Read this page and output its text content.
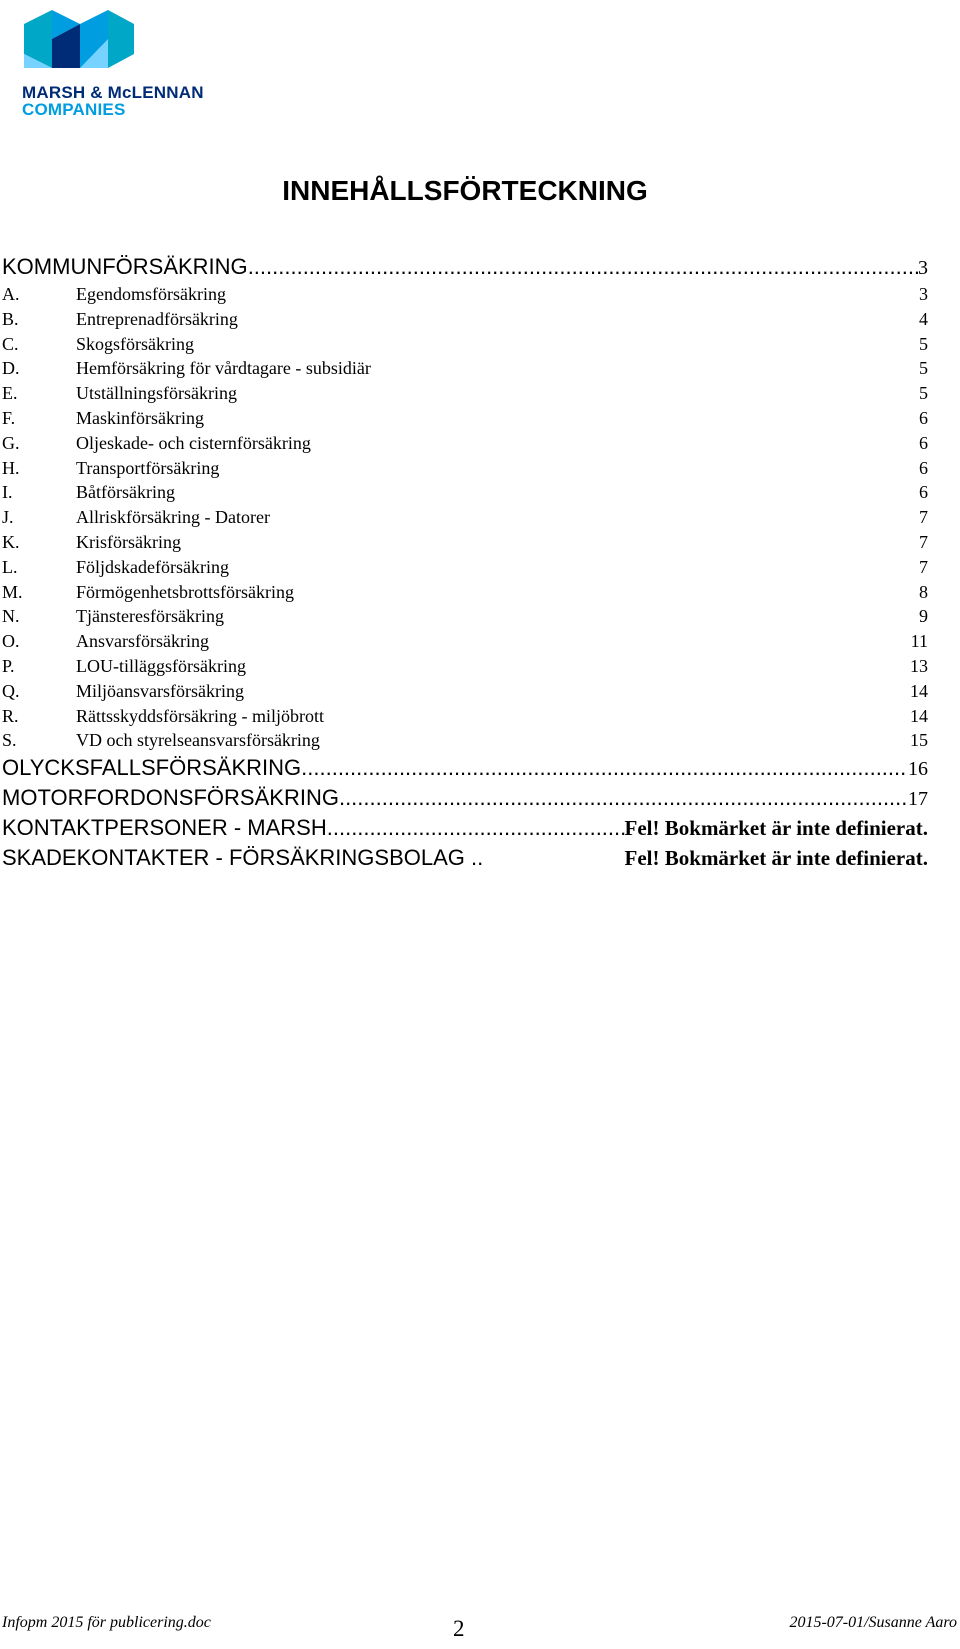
MARSH & McLENNAN
COMPANIES
INNEHÅLLSFÖRTECKNING
KOMMUNFÖRSÄKRING .....	3
A.	Egendomsförsäkring	3
B.	Entreprenadförsäkring	4
C.	Skogsförsäkring	5
D.	Hemförsäkring för vårdtagare - subsidiär	5
E.	Utställningsförsäkring	5
F.	Maskinförsäkring	6
G.	Oljeskade- och cisternförsäkring	6
H.	Transportförsäkring	6
I.	Båtförsäkring	6
J.	Allriskförsäkring - Datorer	7
K.	Krisförsäkring	7
L.	Följdskadeförsäkring	7
M.	Förmögenhetsbrottsförsäkring	8
N.	Tjänsteresförsäkring	9
O.	Ansvarsförsäkring	11
P.	LOU-tilläggsförsäkring	13
Q.	Miljöansvarsförsäkring	14
R.	Rättsskyddsförsäkring - miljöbrott	14
S.	VD och styrelseansvarsförsäkring	15
OLYCKSFALLSFÖRSÄKRING .....	16
MOTORFORDONSFÖRSÄKRING .....	17
KONTAKTPERSONER - MARSH .....	Fel! Bokmärket är inte definierat.
SKADEKONTAKTER - FÖRSÄKRINGSBOLAG ..	Fel! Bokmärket är inte definierat.
Infopm 2015 för publicering.doc	2	2015-07-01/Susanne Aaro
